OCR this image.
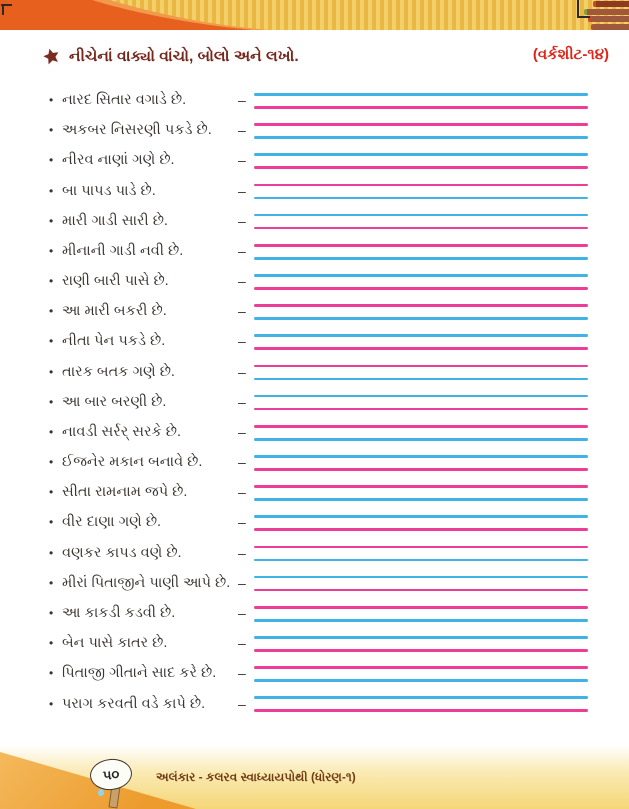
નીચેનાં વાક્યો વાંચો, બોલો અને લખો.	(વર્કશીટ-૧૪)
• નારદ સિતાર વગાડે છે.	–
• અકબર નિસરણી પકડે છે.	–
• નીરવ નાણાં ગણે છે.	–
• બા પાપડ પાડે છે.	–
• મારી ગાડી સારી છે.	–
• મીનાની ગાડી નવી છે.	–
• રાણી બારી પાસે છે.	–
• આ મારી બકરી છે.	–
• નીતા પેન પકડે છે.	–
• તારક બતક ગણે છે.	–
• આ બાર બરણી છે.	–
• નાવડી સર્રર્ સરકે છે.	–
• ઈજનેર મકાન બનાવે છે.	–
• સીતા રામનામ જપે છે.	–
• વીર દાણા ગણે છે.	–
• વણકર કાપડ વણે છે.	–
• મીરાં પિતાજીને પાણી આપે છે. –
• આ કાકડી કડવી છે.	–
• બેન પાસે કાતર છે.	–
• પિતાજી ગીતાને સાદ કરે છે.	–
• પરાગ કરવતી વડે કાપે છે.	–
૫૦	અલંકાર - કલરવ સ્વાધ્યાયપોથી (ધોરણ-૧)
